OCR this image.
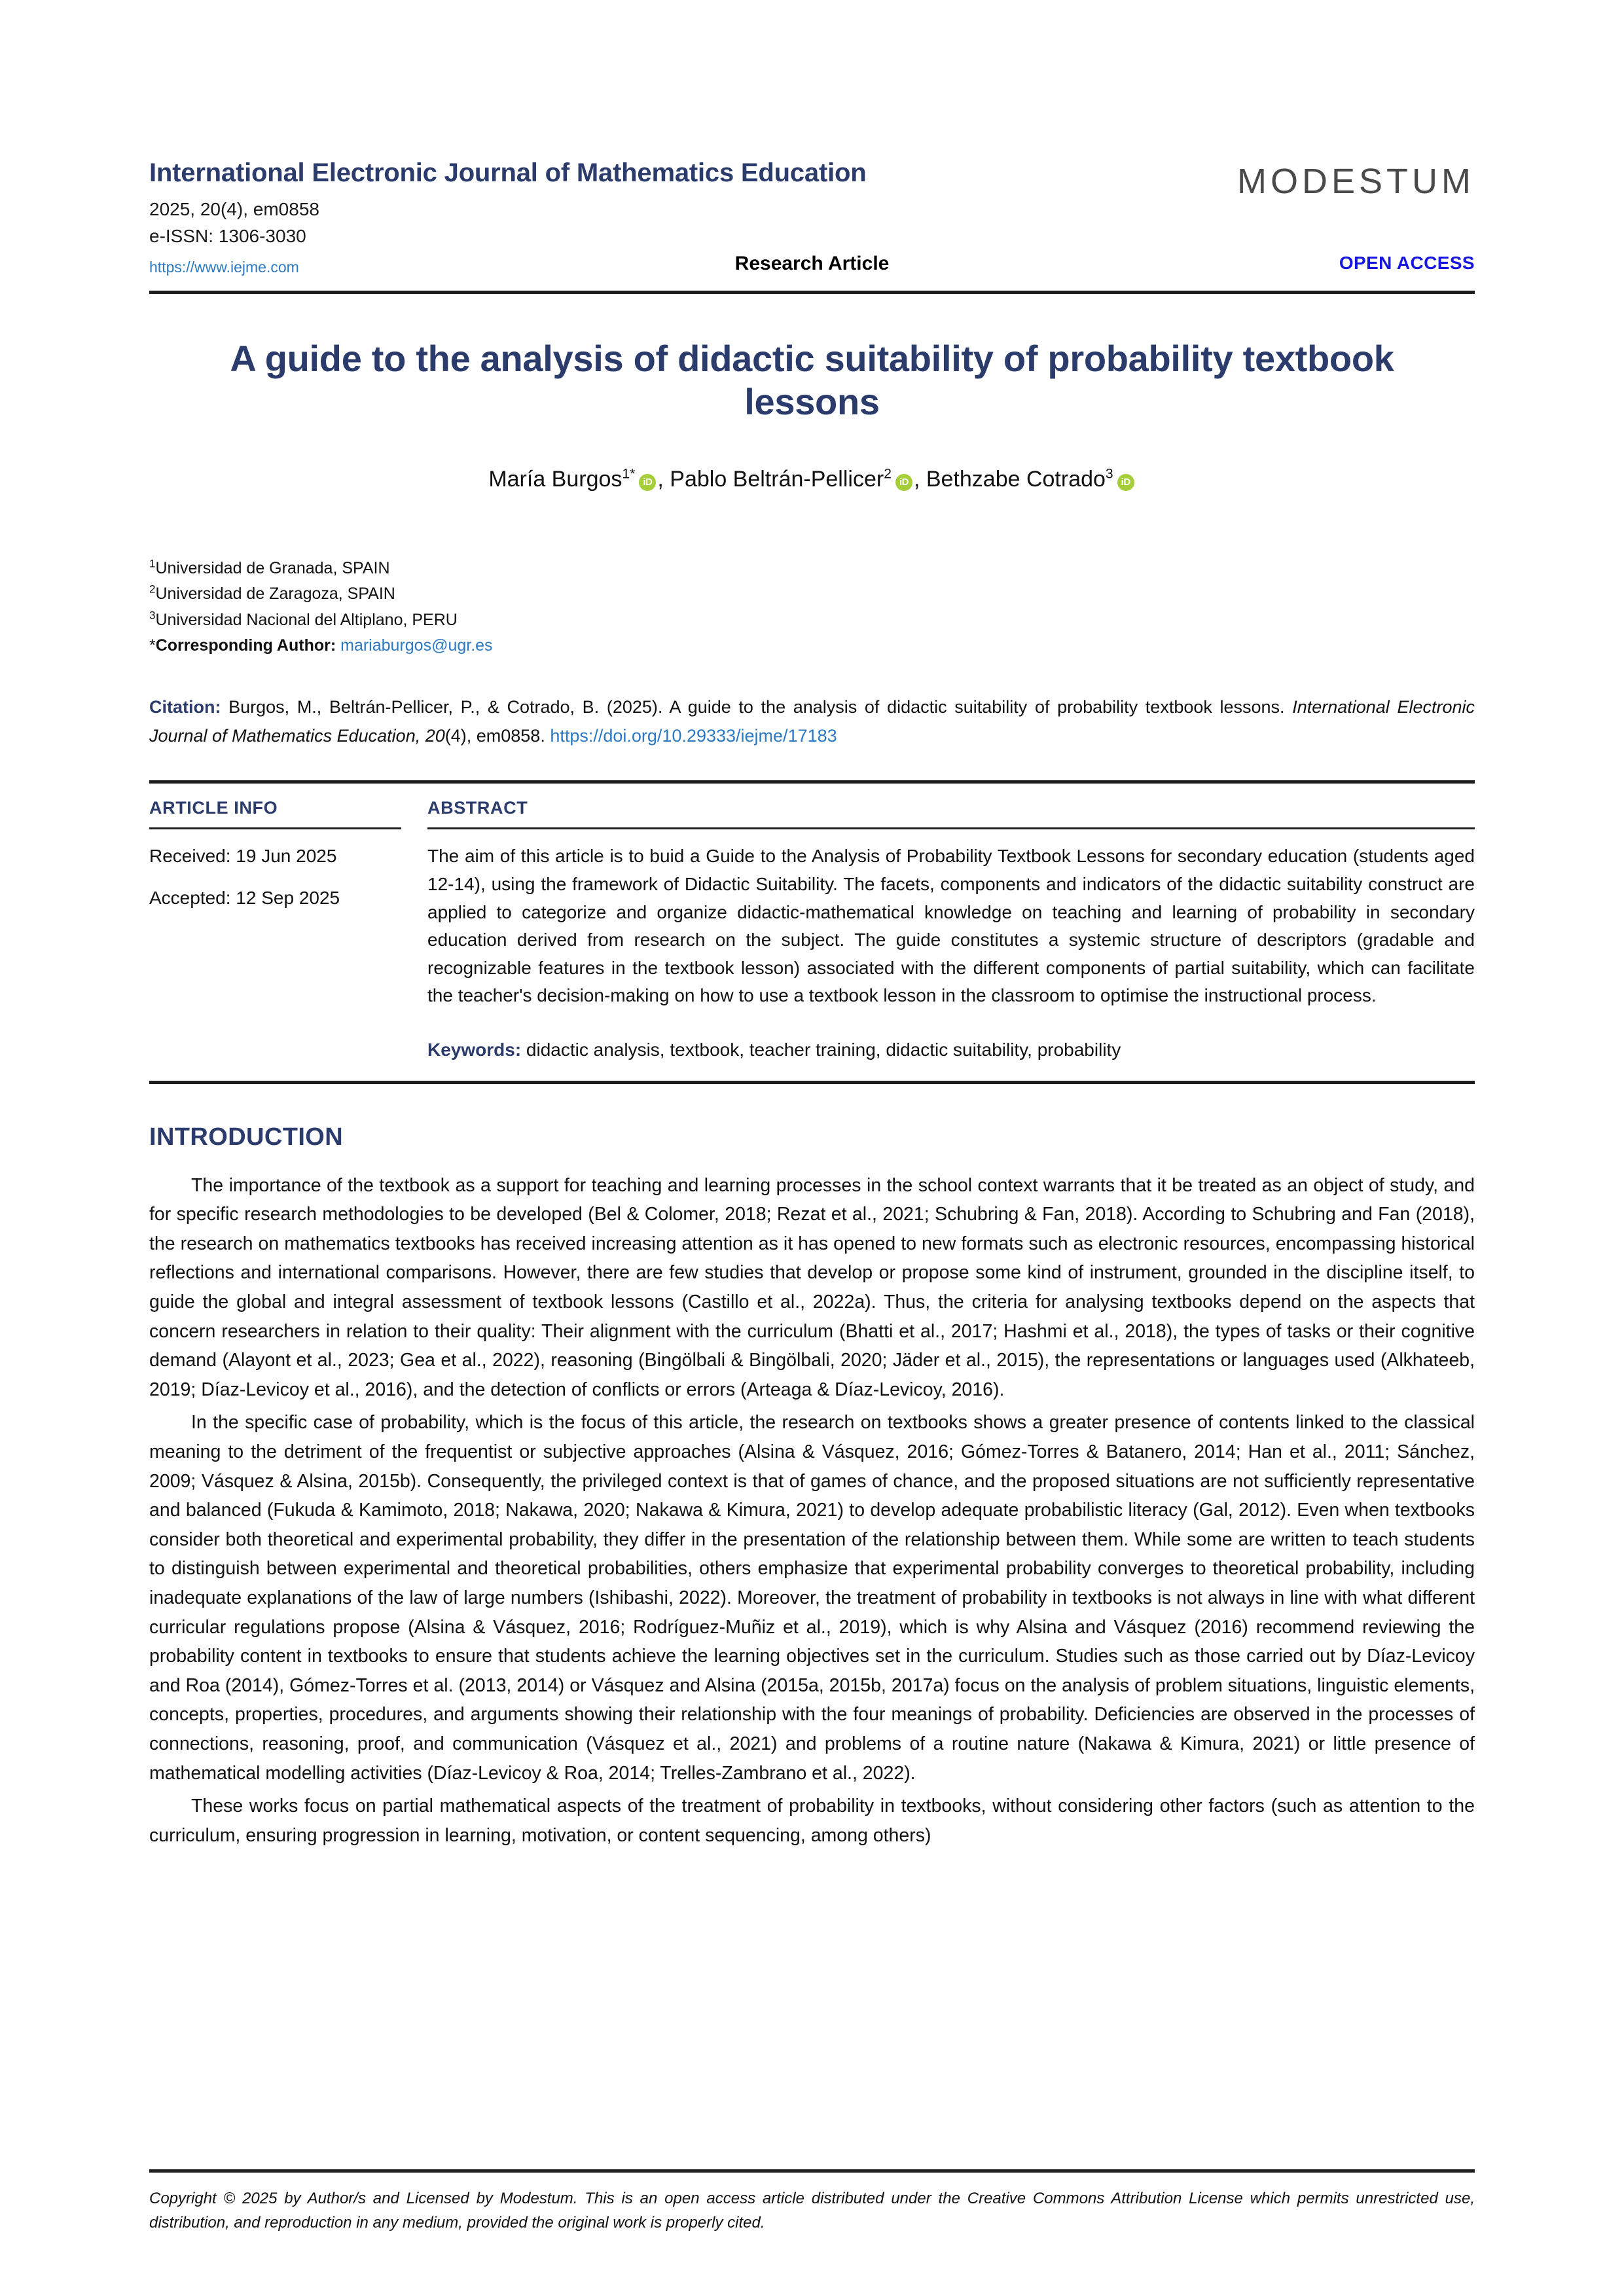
International Electronic Journal of Mathematics Education
2025, 20(4), em0858
e-ISSN: 1306-3030
https://www.iejme.com
MODESTUM
Research Article	OPEN ACCESS
A guide to the analysis of didactic suitability of probability textbook lessons
María Burgos$^{1*}$iD , Pablo Beltrán-Pellicer$^2$iD , Bethzabe Cotrado$^3$iD
$^1$Universidad de Granada, SPAIN
$^2$Universidad de Zaragoza, SPAIN
$^3$Universidad Nacional del Altiplano, PERU
*Corresponding Author: mariaburgos@ugr.es
Citation: Burgos, M., Beltrán-Pellicer, P., & Cotrado, B. (2025). A guide to the analysis of didactic suitability of probability textbook lessons. International Electronic Journal of Mathematics Education, 20(4), em0858. https://doi.org/10.29333/iejme/17183
ARTICLE INFO
Received: 19 Jun 2025
Accepted: 12 Sep 2025
ABSTRACT

The aim of this article is to buid a Guide to the Analysis of Probability Textbook Lessons for secondary education (students aged 12-14), using the framework of Didactic Suitability. The facets, components and indicators of the didactic suitability construct are applied to categorize and organize didactic-mathematical knowledge on teaching and learning of probability in secondary education derived from research on the subject. The guide constitutes a systemic structure of descriptors (gradable and recognizable features in the textbook lesson) associated with the different components of partial suitability, which can facilitate the teacher's decision-making on how to use a textbook lesson in the classroom to optimise the instructional process.

Keywords: didactic analysis, textbook, teacher training, didactic suitability, probability
INTRODUCTION

The importance of the textbook as a support for teaching and learning processes in the school context warrants that it be treated as an object of study, and for specific research methodologies to be developed (Bel & Colomer, 2018; Rezat et al., 2021; Schubring & Fan, 2018). According to Schubring and Fan (2018), the research on mathematics textbooks has received increasing attention as it has opened to new formats such as electronic resources, encompassing historical reflections and international comparisons. However, there are few studies that develop or propose some kind of instrument, grounded in the discipline itself, to guide the global and integral assessment of textbook lessons (Castillo et al., 2022a). Thus, the criteria for analysing textbooks depend on the aspects that concern researchers in relation to their quality: Their alignment with the curriculum (Bhatti et al., 2017; Hashmi et al., 2018), the types of tasks or their cognitive demand (Alayont et al., 2023; Gea et al., 2022), reasoning (Bingölbali & Bingölbali, 2020; Jäder et al., 2015), the representations or languages used (Alkhateeb, 2019; Díaz-Levicoy et al., 2016), and the detection of conflicts or errors (Arteaga & Díaz-Levicoy, 2016).

In the specific case of probability, which is the focus of this article, the research on textbooks shows a greater presence of contents linked to the classical meaning to the detriment of the frequentist or subjective approaches (Alsina & Vásquez, 2016; Gómez-Torres & Batanero, 2014; Han et al., 2011; Sánchez, 2009; Vásquez & Alsina, 2015b). Consequently, the privileged context is that of games of chance, and the proposed situations are not sufficiently representative and balanced (Fukuda & Kamimoto, 2018; Nakawa, 2020; Nakawa & Kimura, 2021) to develop adequate probabilistic literacy (Gal, 2012). Even when textbooks consider both theoretical and experimental probability, they differ in the presentation of the relationship between them. While some are written to teach students to distinguish between experimental and theoretical probabilities, others emphasize that experimental probability converges to theoretical probability, including inadequate explanations of the law of large numbers (Ishibashi, 2022). Moreover, the treatment of probability in textbooks is not always in line with what different curricular regulations propose (Alsina & Vásquez, 2016; Rodríguez-Muñiz et al., 2019), which is why Alsina and Vásquez (2016) recommend reviewing the probability content in textbooks to ensure that students achieve the learning objectives set in the curriculum. Studies such as those carried out by Díaz-Levicoy and Roa (2014), Gómez-Torres et al. (2013, 2014) or Vásquez and Alsina (2015a, 2015b, 2017a) focus on the analysis of problem situations, linguistic elements, concepts, properties, procedures, and arguments showing their relationship with the four meanings of probability. Deficiencies are observed in the processes of connections, reasoning, proof, and communication (Vásquez et al., 2021) and problems of a routine nature (Nakawa & Kimura, 2021) or little presence of mathematical modelling activities (Díaz-Levicoy & Roa, 2014; Trelles-Zambrano et al., 2022).

These works focus on partial mathematical aspects of the treatment of probability in textbooks, without considering other factors (such as attention to the curriculum, ensuring progression in learning, motivation, or content sequencing, among others)

Copyright © 2025 by Author/s and Licensed by Modestum. This is an open access article distributed under the Creative Commons Attribution License which permits unrestricted use, distribution, and reproduction in any medium, provided the original work is properly cited.
